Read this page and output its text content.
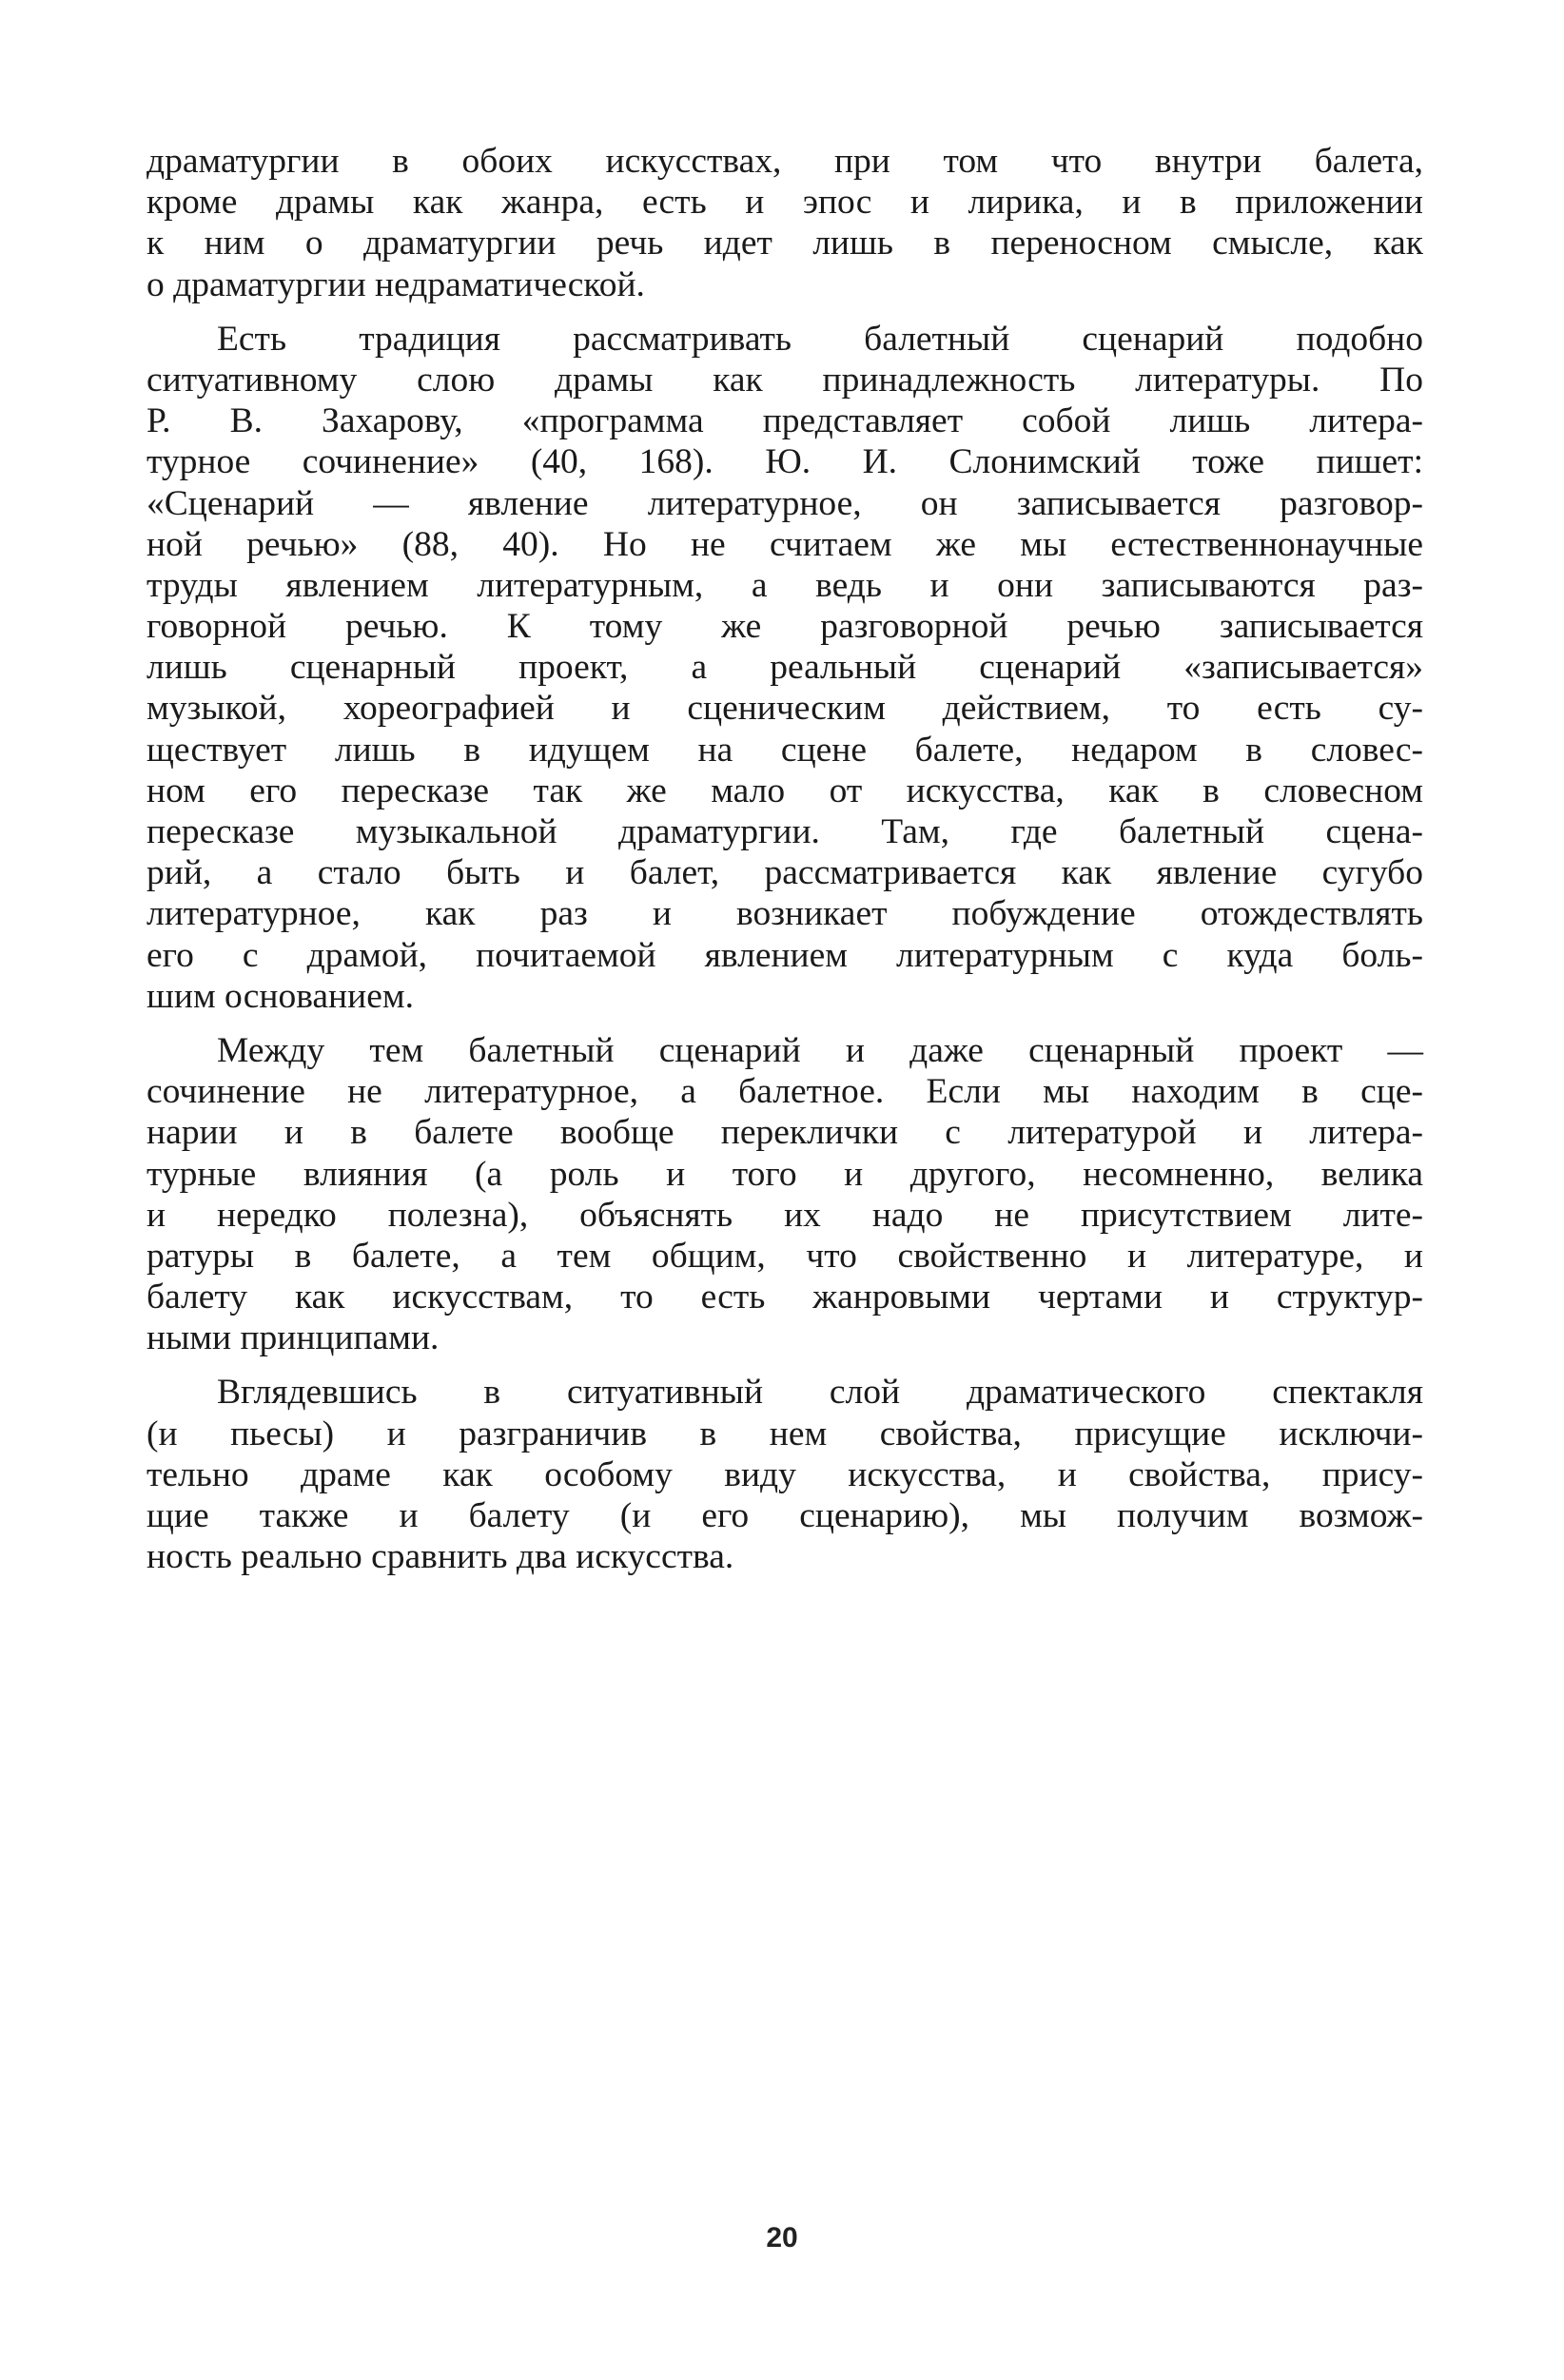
драматургии в обоих искусствах, при том что внутри балета,
кроме драмы как жанра, есть и эпос и лирика, и в приложении
к ним о драматургии речь идет лишь в переносном смысле, как
о драматургии недраматической.
Есть традиция рассматривать балетный сценарий подобно
ситуативному слою драмы как принадлежность литературы. По
Р. В. Захарову, «программа представляет собой лишь литера-
турное сочинение» (40, 168). Ю. И. Слонимский тоже пишет:
«Сценарий — явление литературное, он записывается разговор-
ной речью» (88, 40). Но не считаем же мы естественнонаучные
труды явлением литературным, а ведь и они записываются раз-
говорной речью. К тому же разговорной речью записывается
лишь сценарный проект, а реальный сценарий «записывается»
музыкой, хореографией и сценическим действием, то есть су-
ществует лишь в идущем на сцене балете, недаром в словес-
ном его пересказе так же мало от искусства, как в словесном
пересказе музыкальной драматургии. Там, где балетный сцена-
рий, а стало быть и балет, рассматривается как явление сугубо
литературное, как раз и возникает побуждение отождествлять
его с драмой, почитаемой явлением литературным с куда боль-
шим основанием.
Между тем балетный сценарий и даже сценарный проект —
сочинение не литературное, а балетное. Если мы находим в сце-
нарии и в балете вообще переклички с литературой и литера-
турные влияния (а роль и того и другого, несомненно, велика
и нередко полезна), объяснять их надо не присутствием лите-
ратуры в балете, а тем общим, что свойственно и литературе, и
балету как искусствам, то есть жанровыми чертами и структур-
ными принципами.
Вглядевшись в ситуативный слой драматического спектакля
(и пьесы) и разграничив в нем свойства, присущие исключи-
тельно драме как особому виду искусства, и свойства, прису-
щие также и балету (и его сценарию), мы получим возмож-
ность реально сравнить два искусства.
20
